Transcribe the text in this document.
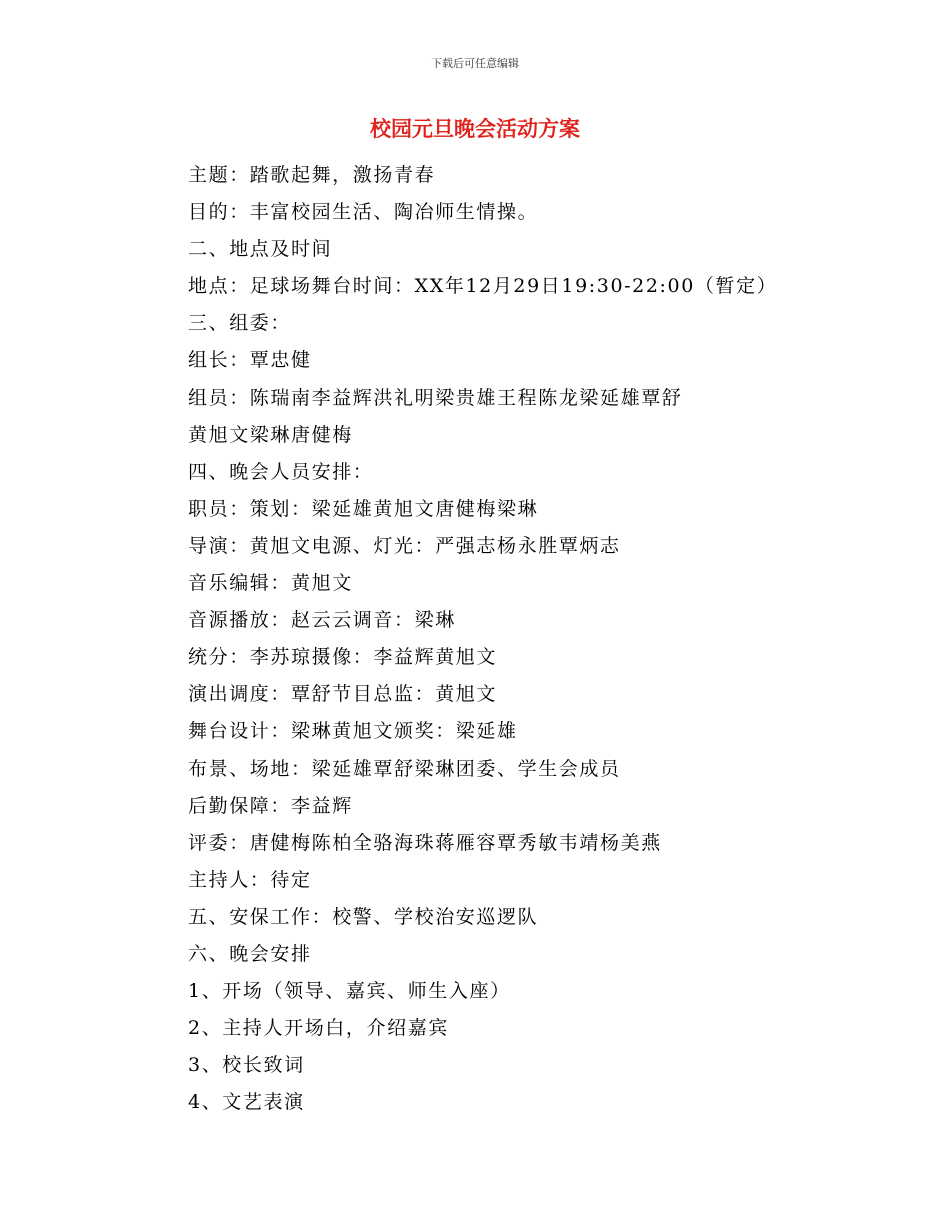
下载后可任意编辑
校园元旦晚会活动方案
主题：踏歌起舞，激扬青春
目的：丰富校园生活、陶冶师生情操。
二、地点及时间
地点：足球场舞台时间：XX年12月29日19:30-22:00（暂定）
三、组委：
组长：覃忠健
组员：陈瑞南李益辉洪礼明梁贵雄王程陈龙梁延雄覃舒
黄旭文梁琳唐健梅
四、晚会人员安排：
职员：策划：梁延雄黄旭文唐健梅梁琳
导演：黄旭文电源、灯光：严强志杨永胜覃炳志
音乐编辑：黄旭文
音源播放：赵云云调音：梁琳
统分：李苏琼摄像：李益辉黄旭文
演出调度：覃舒节目总监：黄旭文
舞台设计：梁琳黄旭文颁奖：梁延雄
布景、场地：梁延雄覃舒梁琳团委、学生会成员
后勤保障：李益辉
评委：唐健梅陈柏全骆海珠蒋雁容覃秀敏韦靖杨美燕
主持人：待定
五、安保工作：校警、学校治安巡逻队
六、晚会安排
1、开场（领导、嘉宾、师生入座）
2、主持人开场白，介绍嘉宾
3、校长致词
4、文艺表演
